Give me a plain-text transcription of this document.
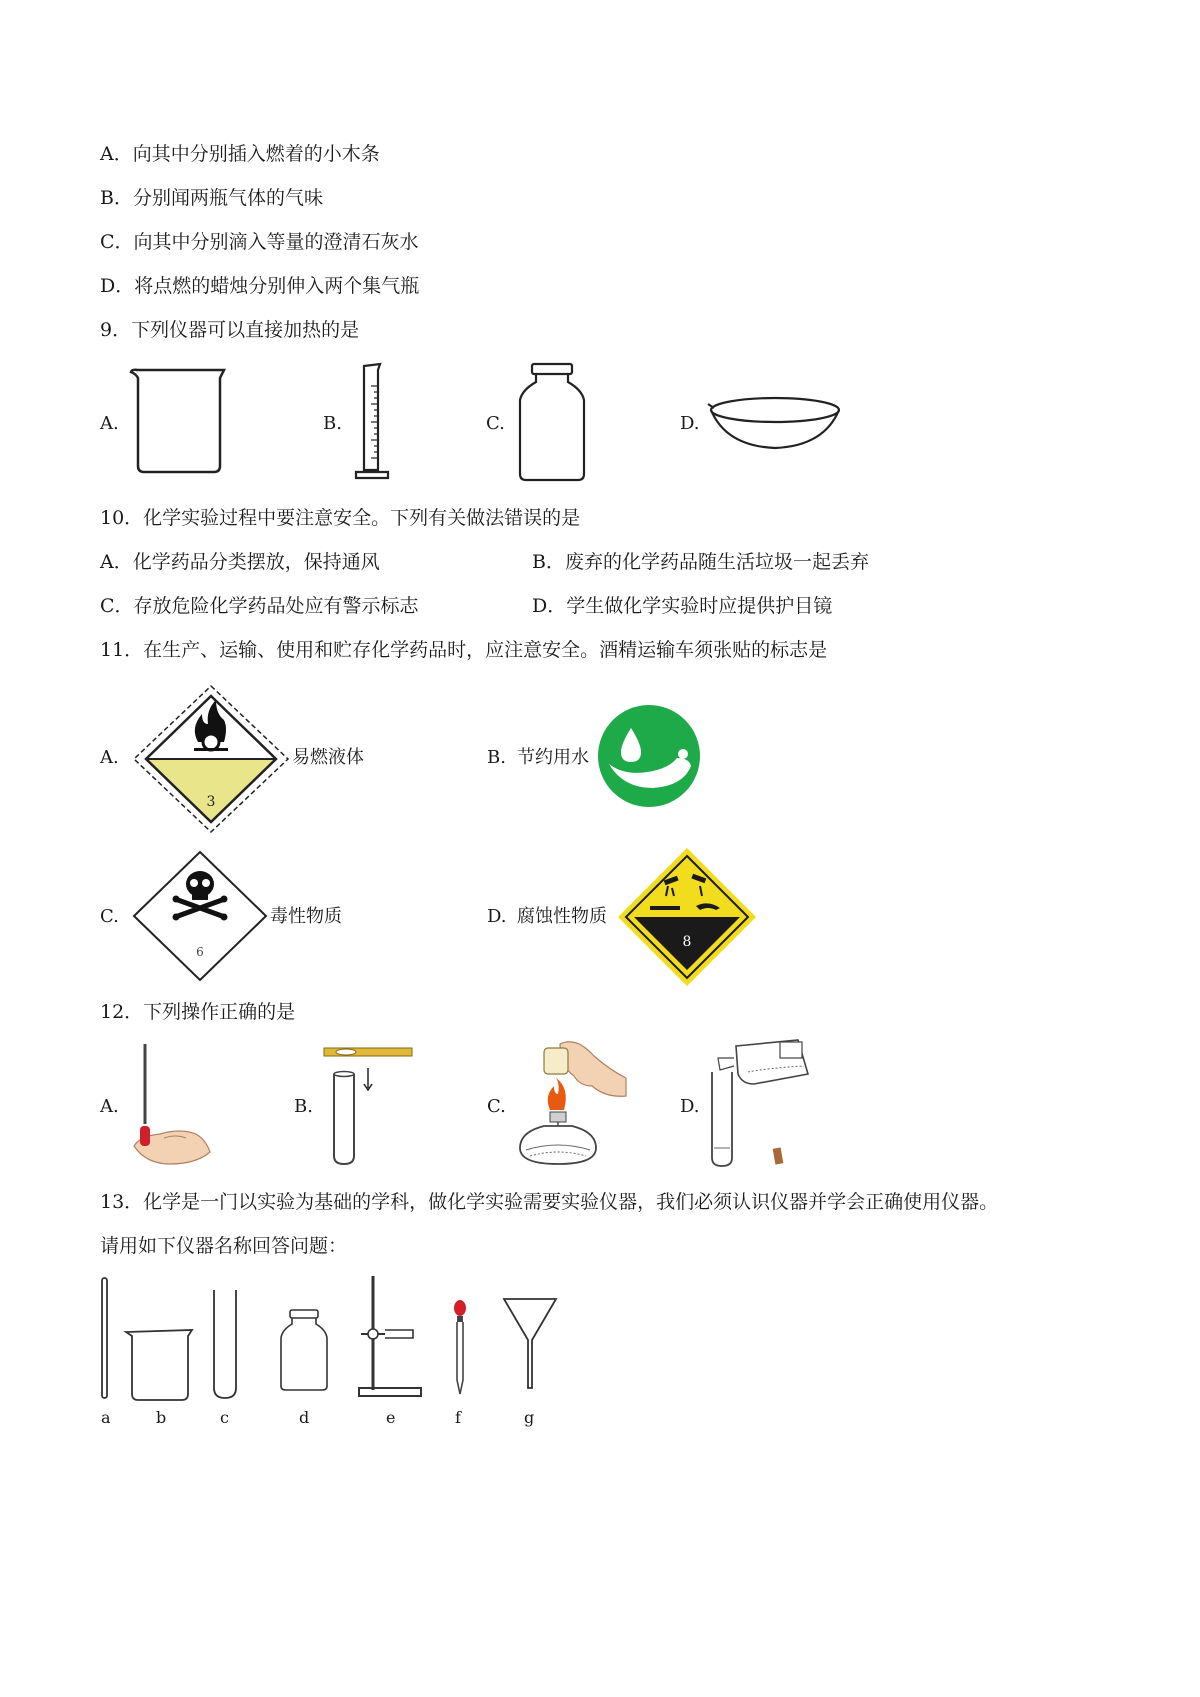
A．向其中分别插入燃着的小木条
B．分别闻两瓶气体的气味
C．向其中分别滴入等量的澄清石灰水
D．将点燃的蜡烛分别伸入两个集气瓶
9．下列仪器可以直接加热的是
A.	B.	C.	D.
10．化学实验过程中要注意安全。下列有关做法错误的是
A．化学药品分类摆放，保持通风	B．废弃的化学药品随生活垃圾一起丢弃
C．存放危险化学药品处应有警示标志	D．学生做化学实验时应提供护目镜
11．在生产、运输、使用和贮存化学药品时，应注意安全。酒精运输车须张贴的标志是
A.
3
易燃液体	B. 节约用水
C.
6
毒性物质	D. 腐蚀性物质
8
12．下列操作正确的是
A.	B.	C.	D.
13．化学是一门以实验为基础的学科，做化学实验需要实验仪器，我们必须认识仪器并学会正确使用仪器。
请用如下仪器名称回答问题：
a	b	c	d	e	f	g
